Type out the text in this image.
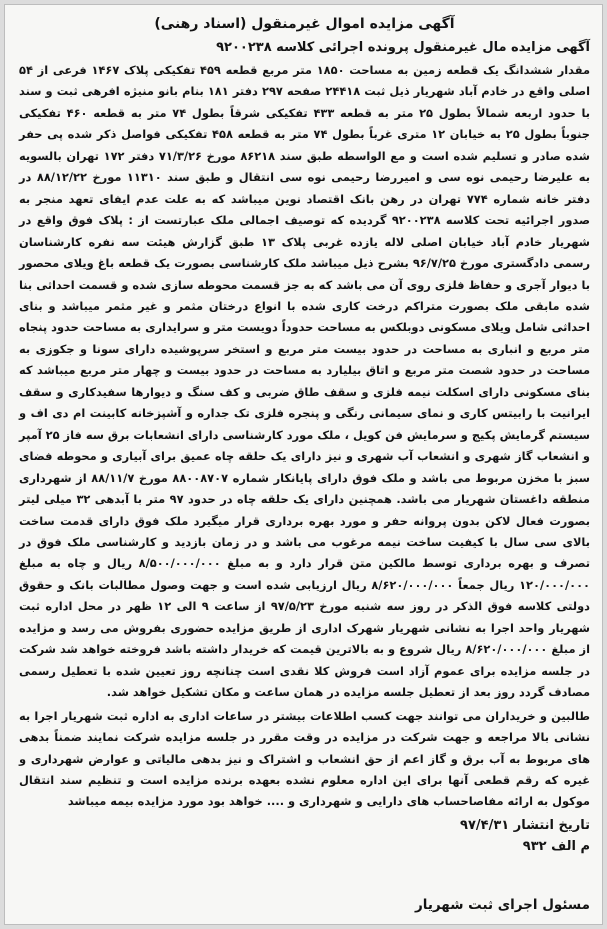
آگهی مزایده اموال غیرمنقول (اسناد رهنی)
آگهی مزایده مال غیرمنقول پرونده اجرائی کلاسه ۹۲۰۰۲۳۸

مقدار ششدانگ یک قطعه زمین به مساحت ۱۸۵۰ متر مربع قطعه ۴۵۹ تفکیکی پلاک ۱۴۶۷ فرعی از ۵۴ اصلی واقع در خادم آباد شهریار ذیل ثبت ۲۴۴۱۸ صفحه ۲۹۷ دفتر ۱۸۱ بنام بانو منیژه افرهی ثبت و سند با حدود اربعه شمالاً بطول ۲۵ متر به قطعه ۴۳۳ تفکیکی شرقاً بطول ۷۴ متر به قطعه ۴۶۰ تفکیکی جنوباً بطول ۲۵ به خیابان ۱۲ متری غرباً بطول ۷۴ متر به قطعه ۴۵۸ تفکیکی فواصل ذکر شده پی حفر شده صادر و تسلیم شده است و مع الواسطه طبق سند ۸۶۲۱۸ مورخ ۷۱/۳/۲۶ دفتر ۱۷۲ تهران بالسویه به علیرضا رحیمی نوه سی و امیررضا رحیمی نوه سی انتقال و طبق سند ۱۱۳۱۰ مورخ ۸۸/۱۲/۲۲ در دفتر خانه شماره ۷۷۴ تهران در رهن بانک اقتصاد نوین میباشد که به علت عدم ایفای تعهد منجر به صدور اجرائیه تحت کلاسه ۹۲۰۰۲۳۸ گردیده که توصیف اجمالی ملک عبارتست از : پلاک فوق واقع در شهریار خادم آباد خیابان اصلی لاله یازده غربی پلاک ۱۳ طبق گزارش هیئت سه نفره کارشناسان رسمی دادگستری مورخ ۹۶/۷/۲۵ بشرح ذیل میباشد ملک کارشناسی بصورت یک قطعه باغ ویلای محصور با دیوار آجری و حفاظ فلزی روی آن می باشد که به جز قسمت محوطه سازی شده و قسمت احداثی بنا شده مابقی ملک بصورت متراکم درخت کاری شده با انواع درختان مثمر و غیر مثمر میباشد و بنای احداثی شامل ویلای مسکونی دوبلکس به مساحت حدوداً دویست متر و سرایداری به مساحت حدود پنجاه متر مربع و انباری به مساحت در حدود بیست متر مربع و استخر سرپوشیده دارای سونا و جکوزی به مساحت در حدود شصت متر مربع و اتاق بیلیارد به مساحت در حدود بیست و چهار متر مربع میباشد که بنای مسکونی دارای اسکلت نیمه فلزی و سقف طاق ضربی و کف سنگ و دیوارها سفیدکاری و سقف ایرانیت با رابیتس کاری و نمای سیمانی رنگی و پنجره فلزی تک جداره و آشپزخانه کابینت ام دی اف و سیستم گرمایش پکیج و سرمایش فن کویل ، ملک مورد کارشناسی دارای انشعابات برق سه فاز ۲۵ آمپر و انشعاب گاز شهری و انشعاب آب شهری و نیز دارای یک حلقه چاه عمیق برای آبیاری و محوطه فضای سبز با مخزن مربوط می باشد و ملک فوق دارای پایانکار شماره ۸۸۰۰۸۷۰۷ مورخ ۸۸/۱۱/۷ از شهرداری منطقه داغستان شهریار می باشد. همچنین دارای یک حلقه چاه در حدود ۹۷ متر با آبدهی ۳۲ میلی لیتر بصورت فعال لاکن بدون پروانه حفر و مورد بهره برداری قرار میگیرد ملک فوق دارای قدمت ساخت بالای سی سال با کیفیت ساخت نیمه مرغوب می باشد و در زمان بازدید و کارشناسی ملک فوق در تصرف و بهره برداری توسط مالکین متن قرار دارد و به مبلغ ۸/۵۰۰/۰۰۰/۰۰۰ ریال و چاه به مبلغ ۱۲۰/۰۰۰/۰۰۰ ریال جمعاً ۸/۶۲۰/۰۰۰/۰۰۰ ریال ارزیابی شده است و جهت وصول مطالبات بانک و حقوق دولتی کلاسه فوق الذکر در روز سه شنبه مورخ ۹۷/۵/۲۳ از ساعت ۹ الی ۱۲ ظهر در محل اداره ثبت شهریار واحد اجرا به نشانی شهریار شهرک اداری از طریق مزایده حضوری بفروش می رسد و مزایده از مبلغ ۸/۶۲۰/۰۰۰/۰۰۰ ریال شروع و به بالاترین قیمت که خریدار داشته باشد فروخته خواهد شد شرکت در جلسه مزایده برای عموم آزاد است فروش کلا نقدی است چنانچه روز تعیین شده با تعطیل رسمی مصادف گردد روز بعد از تعطیل جلسه مزایده در همان ساعت و مکان تشکیل خواهد شد.

طالبین و خریداران می توانند جهت کسب اطلاعات بیشتر در ساعات اداری به اداره ثبت شهریار اجرا به نشانی بالا مراجعه و جهت شرکت در مزایده در وقت مقرر در جلسه مزایده شرکت نمایند ضمناً بدهی های مربوط به آب برق و گاز اعم از حق انشعاب و اشتراک و نیز بدهی مالیاتی و عوارض شهرداری و غیره که رقم قطعی آنها برای این اداره معلوم نشده بعهده برنده مزایده است و تنظیم سند انتقال موکول به ارائه مفاصاحساب های دارایی و شهرداری و .... خواهد بود مورد مزایده بیمه میباشد

تاریخ انتشار ۹۷/۴/۳۱
م الف ۹۳۲
مسئول اجرای ثبت شهریار
